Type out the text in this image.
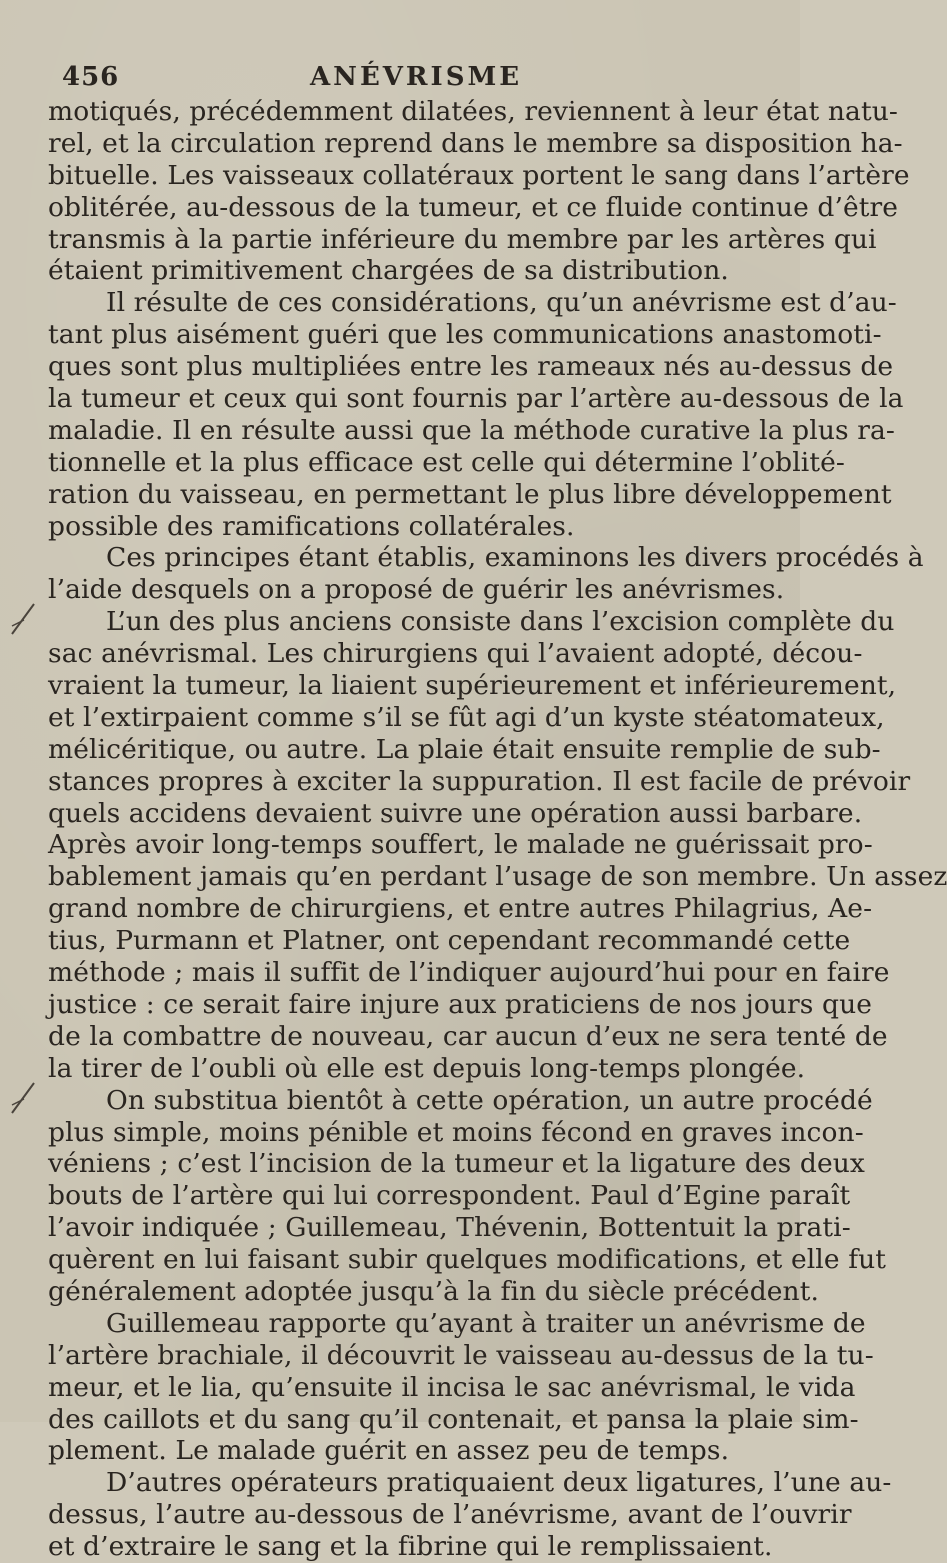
456	ANÉVRISME
motiqués, précédemment dilatées, reviennent à leur état natu-
rel, et la circulation reprend dans le membre sa disposition ha-
bituelle. Les vaisseaux collatéraux portent le sang dans l’artère
oblitérée, au-dessous de la tumeur, et ce fluide continue d’être
transmis à la partie inférieure du membre par les artères qui
étaient primitivement chargées de sa distribution.
Il résulte de ces considérations, qu’un anévrisme est d’au-
tant plus aisément guéri que les communications anastomoti-
ques sont plus multipliées entre les rameaux nés au-dessus de
la tumeur et ceux qui sont fournis par l’artère au-dessous de la
maladie. Il en résulte aussi que la méthode curative la plus ra-
tionnelle et la plus efficace est celle qui détermine l’oblité-
ration du vaisseau, en permettant le plus libre développement
possible des ramifications collatérales.
Ces principes étant établis, examinons les divers procédés à
l’aide desquels on a proposé de guérir les anévrismes.
L’un des plus anciens consiste dans l’excision complète du
sac anévrismal. Les chirurgiens qui l’avaient adopté, décou-
vraient la tumeur, la liaient supérieurement et inférieurement,
et l’extirpaient comme s’il se fût agi d’un kyste stéatomateux,
mélicéritique, ou autre. La plaie était ensuite remplie de sub-
stances propres à exciter la suppuration. Il est facile de prévoir
quels accidens devaient suivre une opération aussi barbare.
Après avoir long-temps souffert, le malade ne guérissait pro-
bablement jamais qu’en perdant l’usage de son membre. Un assez
grand nombre de chirurgiens, et entre autres Philagrius, Ae-
tius, Purmann et Platner, ont cependant recommandé cette
méthode ; mais il suffit de l’indiquer aujourd’hui pour en faire
justice : ce serait faire injure aux praticiens de nos jours que
de la combattre de nouveau, car aucun d’eux ne sera tenté de
la tirer de l’oubli où elle est depuis long-temps plongée.
On substitua bientôt à cette opération, un autre procédé
plus simple, moins pénible et moins fécond en graves incon-
véniens ; c’est l’incision de la tumeur et la ligature des deux
bouts de l’artère qui lui correspondent. Paul d’Egine paraît
l’avoir indiquée ; Guillemeau, Thévenin, Bottentuit la prati-
quèrent en lui faisant subir quelques modifications, et elle fut
généralement adoptée jusqu’à la fin du siècle précédent.
Guillemeau rapporte qu’ayant à traiter un anévrisme de
l’artère brachiale, il découvrit le vaisseau au-dessus de la tu-
meur, et le lia, qu’ensuite il incisa le sac anévrismal, le vida
des caillots et du sang qu’il contenait, et pansa la plaie sim-
plement. Le malade guérit en assez peu de temps.
D’autres opérateurs pratiquaient deux ligatures, l’une au-
dessus, l’autre au-dessous de l’anévrisme, avant de l’ouvrir
et d’extraire le sang et la fibrine qui le remplissaient.
